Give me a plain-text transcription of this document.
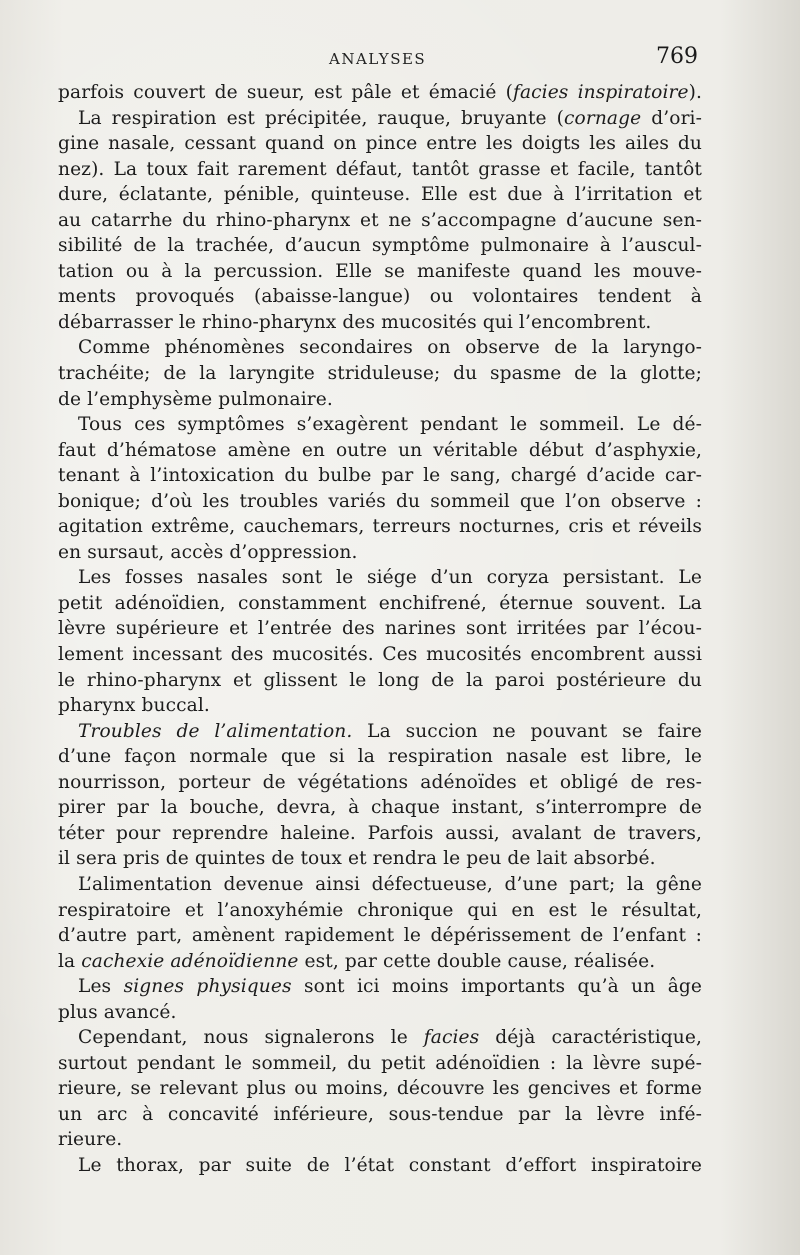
ANALYSES	769
parfois couvert de sueur, est pâle et émacié (facies inspiratoire).
La respiration est précipitée, rauque, bruyante (cornage d’ori-
gine nasale, cessant quand on pince entre les doigts les ailes du
nez). La toux fait rarement défaut, tantôt grasse et facile, tantôt
dure, éclatante, pénible, quinteuse. Elle est due à l’irritation et
au catarrhe du rhino-pharynx et ne s’accompagne d’aucune sen-
sibilité de la trachée, d’aucun symptôme pulmonaire à l’auscul-
tation ou à la percussion. Elle se manifeste quand les mouve-
ments provoqués (abaisse-langue) ou volontaires tendent à
débarrasser le rhino-pharynx des mucosités qui l’encombrent.
Comme phénomènes secondaires on observe de la laryngo-
trachéite; de la laryngite striduleuse; du spasme de la glotte;
de l’emphysème pulmonaire.
Tous ces symptômes s’exagèrent pendant le sommeil. Le dé-
faut d’hématose amène en outre un véritable début d’asphyxie,
tenant à l’intoxication du bulbe par le sang, chargé d’acide car-
bonique; d’où les troubles variés du sommeil que l’on observe :
agitation extrême, cauchemars, terreurs nocturnes, cris et réveils
en sursaut, accès d’oppression.
Les fosses nasales sont le siége d’un coryza persistant. Le
petit adénoïdien, constamment enchifrené, éternue souvent. La
lèvre supérieure et l’entrée des narines sont irritées par l’écou-
lement incessant des mucosités. Ces mucosités encombrent aussi
le rhino-pharynx et glissent le long de la paroi postérieure du
pharynx buccal.
Troubles de l’alimentation. La succion ne pouvant se faire
d’une façon normale que si la respiration nasale est libre, le
nourrisson, porteur de végétations adénoïdes et obligé de res-
pirer par la bouche, devra, à chaque instant, s’interrompre de
téter pour reprendre haleine. Parfois aussi, avalant de travers,
il sera pris de quintes de toux et rendra le peu de lait absorbé.
L’alimentation devenue ainsi défectueuse, d’une part; la gêne
respiratoire et l’anoxyhémie chronique qui en est le résultat,
d’autre part, amènent rapidement le dépérissement de l’enfant :
la cachexie adénoïdienne est, par cette double cause, réalisée.
Les signes physiques sont ici moins importants qu’à un âge
plus avancé.
Cependant, nous signalerons le facies déjà caractéristique,
surtout pendant le sommeil, du petit adénoïdien : la lèvre supé-
rieure, se relevant plus ou moins, découvre les gencives et forme
un arc à concavité inférieure, sous-tendue par la lèvre infé-
rieure.
Le thorax, par suite de l’état constant d’effort inspiratoire
